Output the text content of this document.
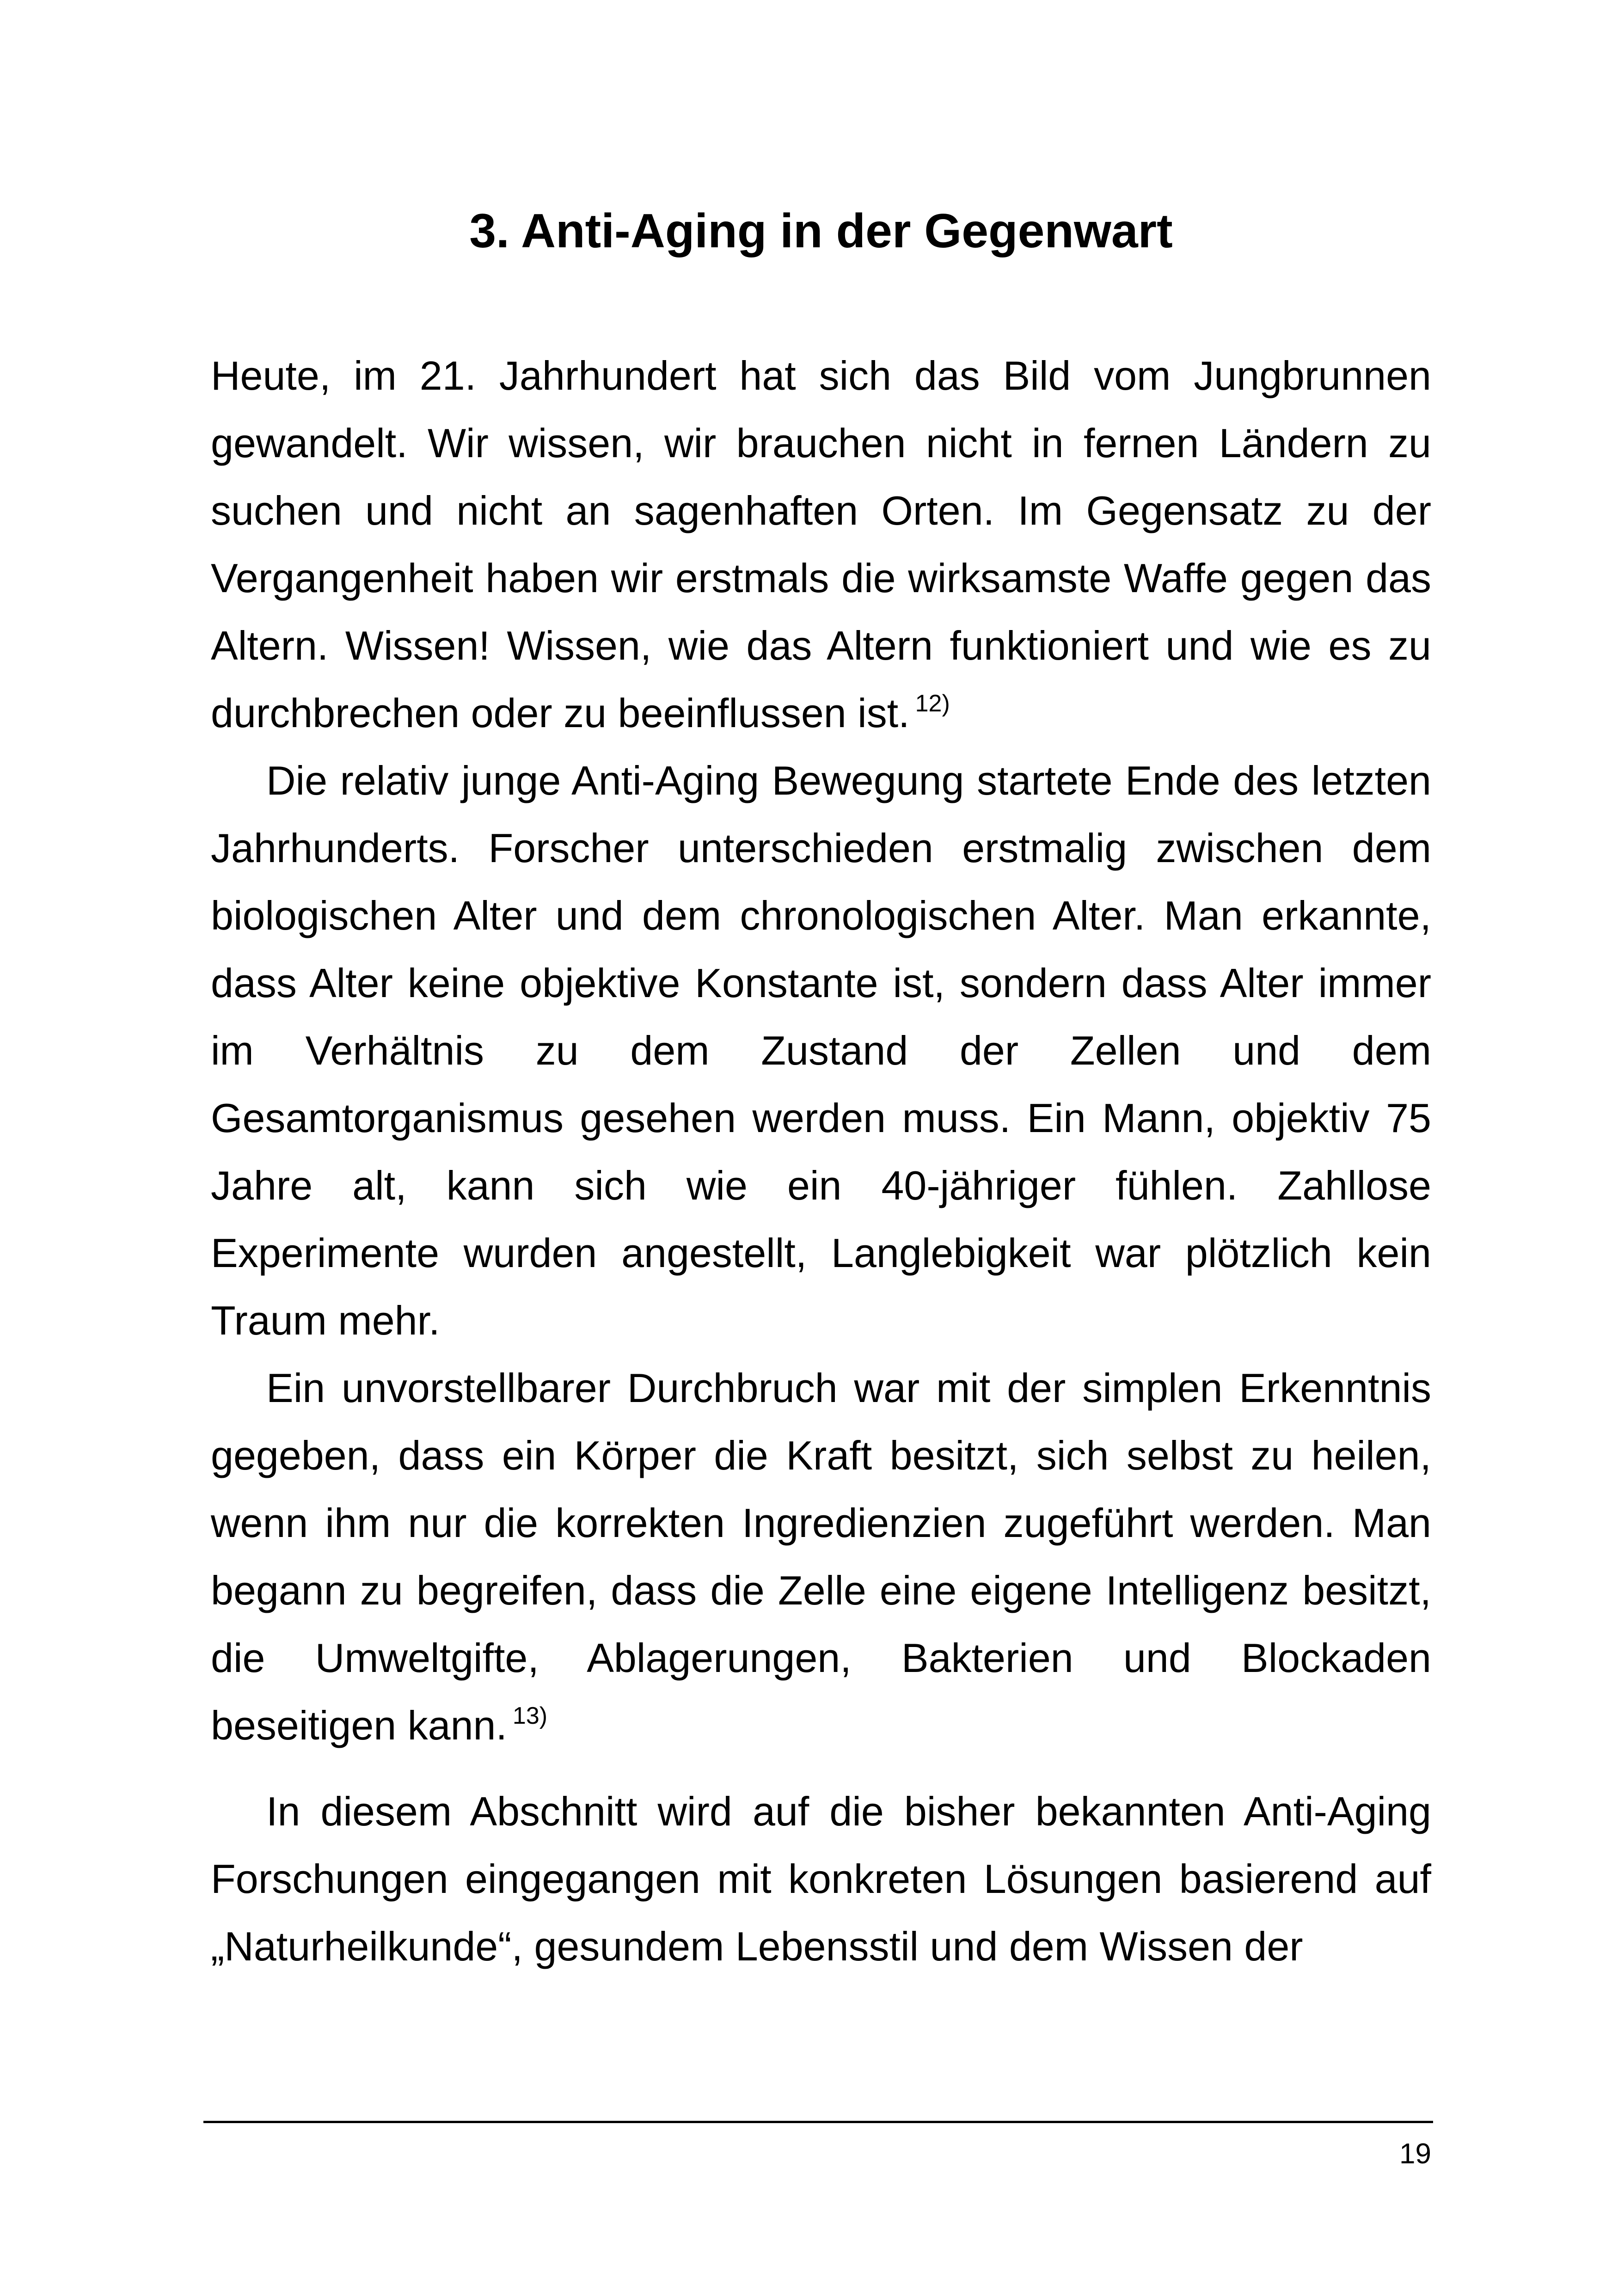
3. Anti-Aging in der Gegenwart

Heute, im 21. Jahrhundert hat sich das Bild vom Jungbrunnen gewandelt. Wir wissen, wir brauchen nicht in fernen Ländern zu suchen und nicht an sagenhaften Orten. Im Gegensatz zu der Vergangenheit haben wir erstmals die wirksamste Waffe gegen das Altern. Wissen! Wissen, wie das Altern funktioniert und wie es zu durchbrechen oder zu beeinflussen ist. $^{12)}$

Die relativ junge Anti-Aging Bewegung startete Ende des letzten Jahrhunderts. Forscher unterschieden erstmalig zwischen dem biologischen Alter und dem chronologischen Alter. Man erkannte, dass Alter keine objektive Konstante ist, sondern dass Alter immer im Verhältnis zu dem Zustand der Zellen und dem Gesamtorganismus gesehen werden muss. Ein Mann, objektiv 75 Jahre alt, kann sich wie ein 40-jähriger fühlen. Zahllose Experimente wurden angestellt, Langlebigkeit war plötzlich kein Traum mehr.

Ein unvorstellbarer Durchbruch war mit der simplen Erkenntnis gegeben, dass ein Körper die Kraft besitzt, sich selbst zu heilen, wenn ihm nur die korrekten Ingredienzien zugeführt werden. Man begann zu begreifen, dass die Zelle eine eigene Intelligenz besitzt, die Umweltgifte, Ablagerungen, Bakterien und Blockaden beseitigen kann. $^{13)}$

In diesem Abschnitt wird auf die bisher bekannten Anti-Aging Forschungen eingegangen mit konkreten Lösungen basierend auf „Naturheilkunde“, gesundem Lebensstil und dem Wissen der

19
